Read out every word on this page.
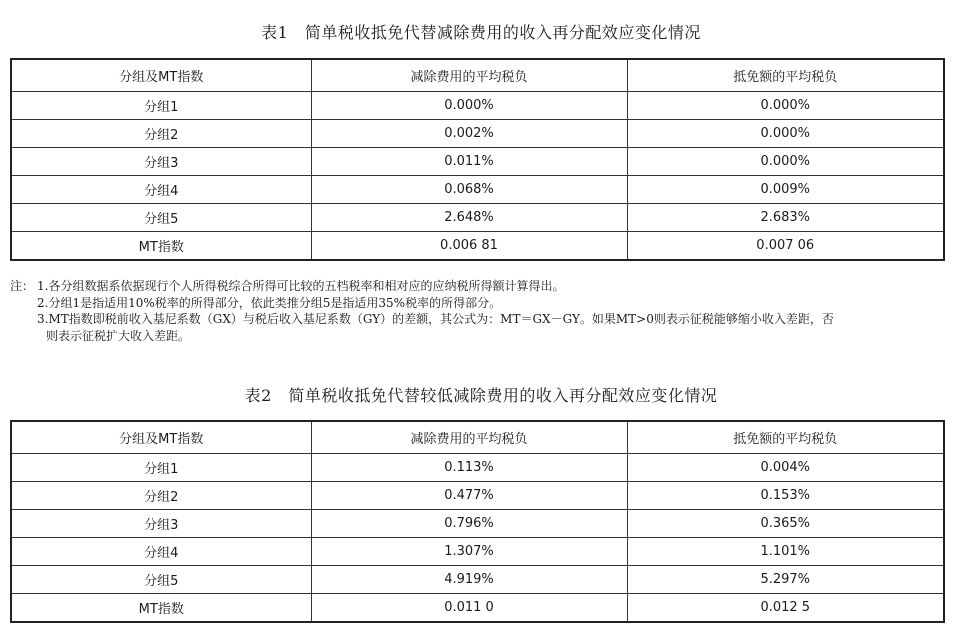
表1　简单税收抵免代替减除费用的收入再分配效应变化情况
分组及MT指数	减除费用的平均税负	抵免额的平均税负
分组1	0.000%	0.000%
分组2	0.002%	0.000%
分组3	0.011%	0.000%
分组4	0.068%	0.009%
分组5	2.648%	2.683%
MT指数	0.006 81	0.007 06
注： 1.各分组数据系依据现行个人所得税综合所得可比较的五档税率和相对应的应纳税所得额计算得出。
2.分组1是指适用10%税率的所得部分，依此类推分组5是指适用35%税率的所得部分。
3.MT指数即税前收入基尼系数（GX）与税后收入基尼系数（GY）的差额，其公式为：MT＝GX－GY。如果MT>0则表示征税能够缩小收入差距，否
则表示征税扩大收入差距。
表2　简单税收抵免代替较低减除费用的收入再分配效应变化情况
分组及MT指数	减除费用的平均税负	抵免额的平均税负
分组1	0.113%	0.004%
分组2	0.477%	0.153%
分组3	0.796%	0.365%
分组4	1.307%	1.101%
分组5	4.919%	5.297%
MT指数	0.011 0	0.012 5
